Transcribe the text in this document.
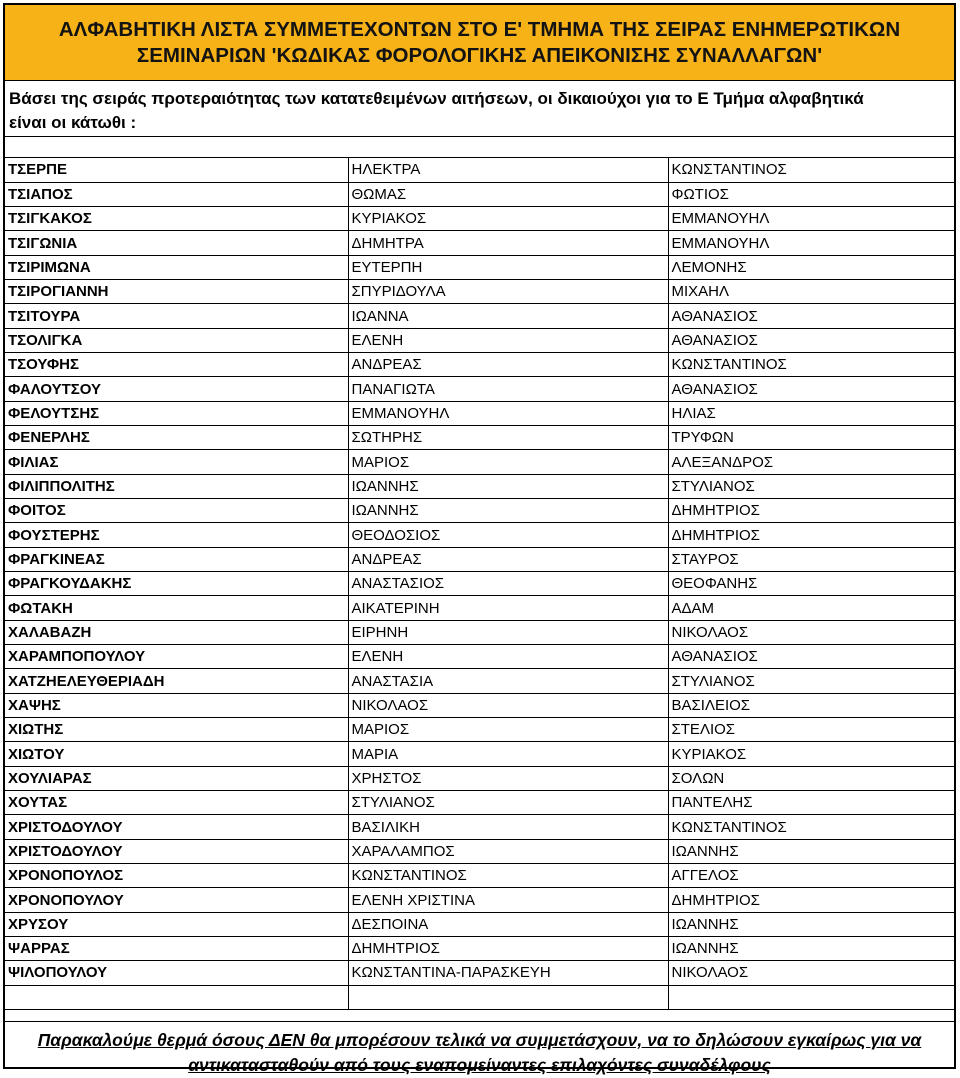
ΑΛΦΑΒΗΤΙΚΗ ΛΙΣΤΑ ΣΥΜΜΕΤΕΧΟΝΤΩΝ ΣΤΟ Ε' ΤΜΗΜΑ ΤΗΣ ΣΕΙΡΑΣ ΕΝΗΜΕΡΩΤΙΚΩΝ
ΣΕΜΙΝΑΡΙΩΝ 'ΚΩΔΙΚΑΣ ΦΟΡΟΛΟΓΙΚΗΣ ΑΠΕΙΚΟΝΙΣΗΣ ΣΥΝΑΛΛΑΓΩΝ'
Βάσει της σειράς προτεραιότητας των κατατεθειμένων αιτήσεων, οι δικαιούχοι για το Ε Τμήμα αλφαβητικά
είναι οι κάτωθι :
ΤΣΕΡΠΕ	ΗΛΕΚΤΡΑ	ΚΩΝΣΤΑΝΤΙΝΟΣ
ΤΣΙΑΠΟΣ	ΘΩΜΑΣ	ΦΩΤΙΟΣ
ΤΣΙΓΚΑΚΟΣ	ΚΥΡΙΑΚΟΣ	ΕΜΜΑΝΟΥΗΛ
ΤΣΙΓΩΝΙΑ	ΔΗΜΗΤΡΑ	ΕΜΜΑΝΟΥΗΛ
ΤΣΙΡΙΜΩΝΑ	ΕΥΤΕΡΠΗ	ΛΕΜΟΝΗΣ
ΤΣΙΡΟΓΙΑΝΝΗ	ΣΠΥΡΙΔΟΥΛΑ	ΜΙΧΑΗΛ
ΤΣΙΤΟΥΡΑ	ΙΩΑΝΝΑ	ΑΘΑΝΑΣΙΟΣ
ΤΣΟΛΙΓΚΑ	ΕΛΕΝΗ	ΑΘΑΝΑΣΙΟΣ
ΤΣΟΥΦΗΣ	ΑΝΔΡΕΑΣ	ΚΩΝΣΤΑΝΤΙΝΟΣ
ΦΑΛΟΥΤΣΟΥ	ΠΑΝΑΓΙΩΤΑ	ΑΘΑΝΑΣΙΟΣ
ΦΕΛΟΥΤΣΗΣ	ΕΜΜΑΝΟΥΗΛ	ΗΛΙΑΣ
ΦΕΝΕΡΛΗΣ	ΣΩΤΗΡΗΣ	ΤΡΥΦΩΝ
ΦΙΛΙΑΣ	ΜΑΡΙΟΣ	ΑΛΕΞΑΝΔΡΟΣ
ΦΙΛΙΠΠΟΛΙΤΗΣ	ΙΩΑΝΝΗΣ	ΣΤΥΛΙΑΝΟΣ
ΦΟΙΤΟΣ	ΙΩΑΝΝΗΣ	ΔΗΜΗΤΡΙΟΣ
ΦΟΥΣΤΕΡΗΣ	ΘΕΟΔΟΣΙΟΣ	ΔΗΜΗΤΡΙΟΣ
ΦΡΑΓΚΙΝΕΑΣ	ΑΝΔΡΕΑΣ	ΣΤΑΥΡΟΣ
ΦΡΑΓΚΟΥΔΑΚΗΣ	ΑΝΑΣΤΑΣΙΟΣ	ΘΕΟΦΑΝΗΣ
ΦΩΤΑΚΗ	ΑΙΚΑΤΕΡΙΝΗ	ΑΔΑΜ
ΧΑΛΑΒΑΖΗ	ΕΙΡΗΝΗ	ΝΙΚΟΛΑΟΣ
ΧΑΡΑΜΠΟΠΟΥΛΟΥ	ΕΛΕΝΗ	ΑΘΑΝΑΣΙΟΣ
ΧΑΤΖΗΕΛΕΥΘΕΡΙΑΔΗ	ΑΝΑΣΤΑΣΙΑ	ΣΤΥΛΙΑΝΟΣ
ΧΑΨΗΣ	ΝΙΚΟΛΑΟΣ	ΒΑΣΙΛΕΙΟΣ
ΧΙΩΤΗΣ	ΜΑΡΙΟΣ	ΣΤΕΛΙΟΣ
ΧΙΩΤΟΥ	ΜΑΡΙΑ	ΚΥΡΙΑΚΟΣ
ΧΟΥΛΙΑΡΑΣ	ΧΡΗΣΤΟΣ	ΣΟΛΩΝ
ΧΟΥΤΑΣ	ΣΤΥΛΙΑΝΟΣ	ΠΑΝΤΕΛΗΣ
ΧΡΙΣΤΟΔΟΥΛΟΥ	ΒΑΣΙΛΙΚΗ	ΚΩΝΣΤΑΝΤΙΝΟΣ
ΧΡΙΣΤΟΔΟΥΛΟΥ	ΧΑΡΑΛΑΜΠΟΣ	ΙΩΑΝΝΗΣ
ΧΡΟΝΟΠΟΥΛΟΣ	ΚΩΝΣΤΑΝΤΙΝΟΣ	ΑΓΓΕΛΟΣ
ΧΡΟΝΟΠΟΥΛΟΥ	ΕΛΕΝΗ ΧΡΙΣΤΙΝΑ	ΔΗΜΗΤΡΙΟΣ
ΧΡΥΣΟΥ	ΔΕΣΠΟΙΝΑ	ΙΩΑΝΝΗΣ
ΨΑΡΡΑΣ	ΔΗΜΗΤΡΙΟΣ	ΙΩΑΝΝΗΣ
ΨΙΛΟΠΟΥΛΟΥ	ΚΩΝΣΤΑΝΤΙΝΑ-ΠΑΡΑΣΚΕΥΗ	ΝΙΚΟΛΑΟΣ

Παρακαλούμε θερμά όσους ΔΕΝ θα μπορέσουν τελικά να συμμετάσχουν, να το δηλώσουν εγκαίρως για να
αντικατασταθούν από τους εναπομείναντες επιλαχόντες συναδέλφους
